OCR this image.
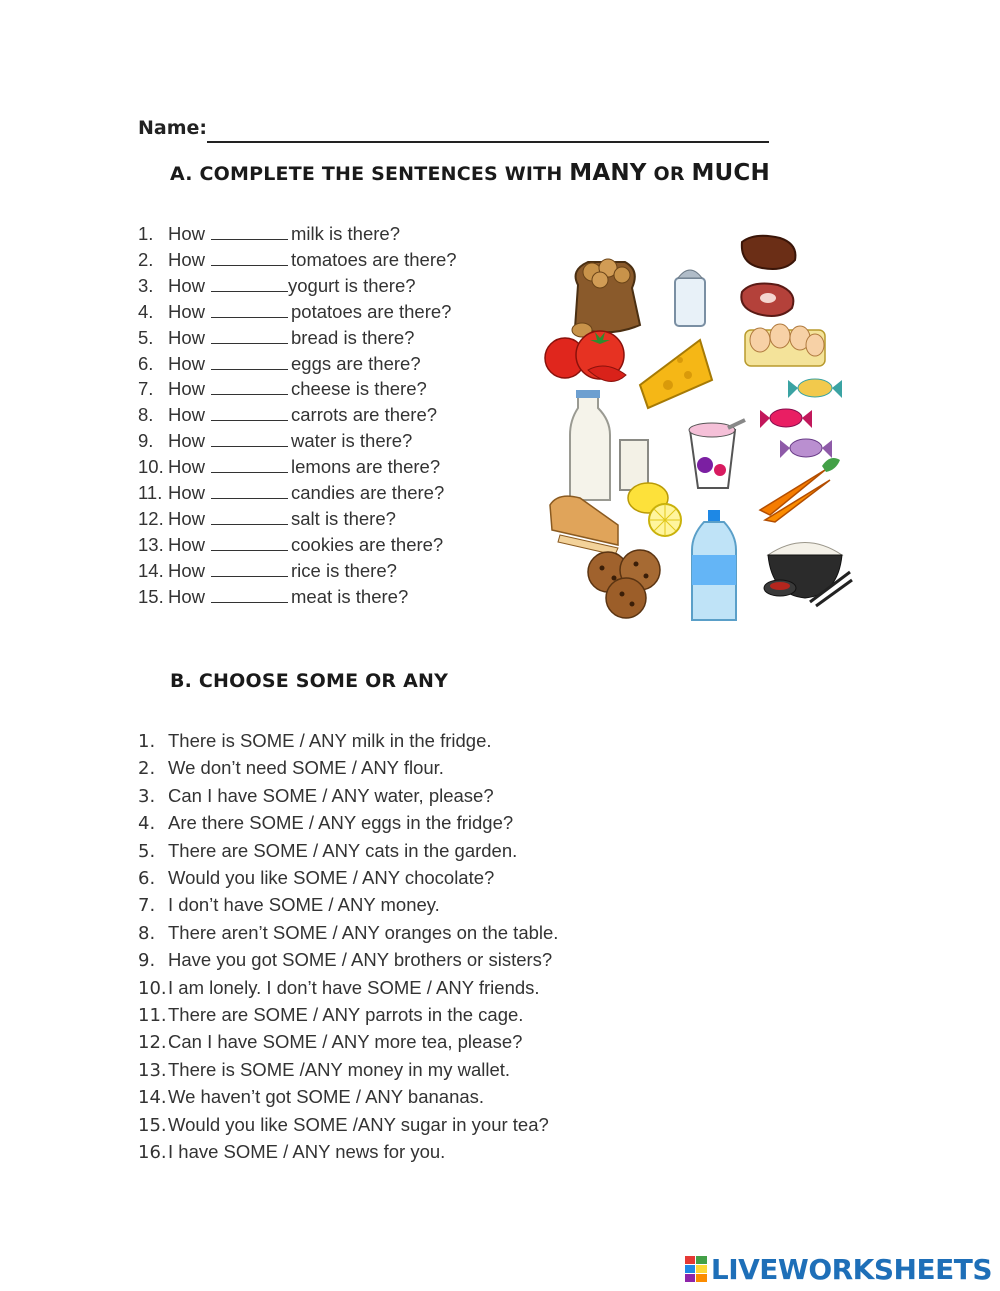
Name:
A. COMPLETE THE SENTENCES WITH MANY OR MUCH
1. How	milk is there?
2. How	tomatoes are there?
3. How	yogurt is there?
4. How	potatoes are there?
5. How	bread is there?
6. How	eggs are there?
7. How	cheese is there?
8. How	carrots are there?
9. How	water is there?
10. How	lemons are there?
11. How	candies are there?
12. How	salt is there?
13. How	cookies are there?
14. How	rice is there?
15. How	meat is there?
B. CHOOSE SOME OR ANY
1. There is SOME / ANY milk in the fridge.
2. We don’t need SOME / ANY flour.
3. Can I have SOME / ANY water, please?
4. Are there SOME / ANY eggs in the fridge?
5. There are SOME / ANY cats in the garden.
6. Would you like SOME / ANY chocolate?
7. I don’t have SOME / ANY money.
8. There aren’t SOME / ANY oranges on the table.
9. Have you got SOME / ANY brothers or sisters?
10.I am lonely. I don’t have SOME / ANY friends.
11.There are SOME / ANY parrots in the cage.
12.Can I have SOME / ANY more tea, please?
13.There is SOME /ANY money in my wallet.
14.We haven’t got SOME / ANY bananas.
15.Would you like SOME /ANY sugar in your tea?
16.I have SOME / ANY news for you.
LIVEWORKSHEETS
